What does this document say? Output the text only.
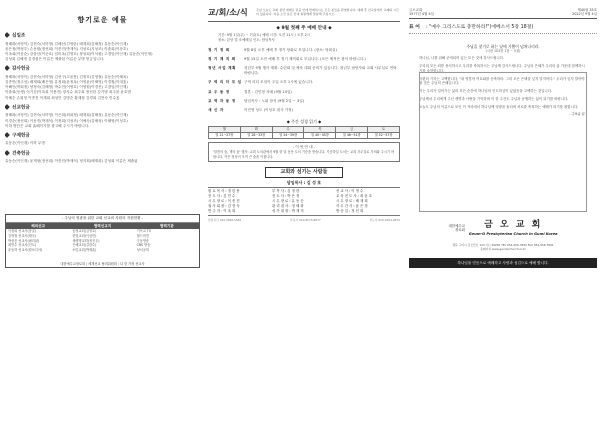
향기로운 예물
십일조
정혜화(서영이) 김현숙(서미영) 김혜선(김영란) 배재희(김혜정) 유동순(이인재)
윤은정(박정우) 손동원(정선희) 이종진(박재석) 지성로(지성조) 이춘희(이상호)
이옥희(이동순) 강을산(이준호) 임미옥(김영호) 장성희(이석원) 고경임(이인재) 유동순(이인재)
김성희 김혜정 김경섭은 이름은 제출된 이름순 무명 헌금입니다.
감사헌금
정혜화(서영이) 김현숙(서미영) 김선구(고윤봉) 김정호(김영철) 유동순(이혜옥)
김종민(정주성) 배재희(배은영) 유정희(윤정옥) 이영윤(이혜영) 이경철(이대홍)
이해인(박희정) 양정숙(김혜영) 박수민(이영호) 이영원(이경진) 고경임(이인재)
이춘희(동생) 이기순(이옥희 이용진) 장지수 최주희 정선한 김기범 최주을 윤호범
이혜순 손희정 이종진 이계희 최성민 김명순 황재철 김경희 김현숙 민수홍
선교헌금
정혜화(서영이) 김현숙(서미영) 이은희(최희정) 배재희(김혜정) 유동순(이인재)
이경순(정선희) 이동진(박재석) 이정희(지성조) 이예숙(김혜성) 이혜영(이성호)
이하 명단은 교회 홈페이지를 참고해 주시기 바랍니다.
구제헌금
유동순(이인재) 이하 무명
건축헌금
유동순(이인재) 윤재형(정선희) 이종진(박재석) 정지희(배재희) 김성희 이름은 제출됨
- 주님의 영광을 위한 교회 선교비 지원의 지원현황 -
해외선교	협력선교지	협력기관
이정희 선교사(몽골)	송정교회(김영호)	기독교 TV
김영철 선교사(태국)	한빛교회(이성민)	월드비전
박성진 선교사(필리핀)	새생명교회(정진우)	극동방송
최민수 선교사(인도)	은혜교회(김한수)	CBS 방송
윤동하 선교사(캄보디아)	소망교회(박재훈)	성서공회
대한예수교장로회 / 세계선교 협력위원회 : 다 한 가정 선교사
교/회/소/식	주님 오늘도 교회 설립 예배로 믿음 안에 함께하시는 모든 분들을 환영합니다. 예배 후 친교실에서 교제의 시간이 있습니다. 처음 오신 분은 안내 위원에게 말씀해 주십시오.
◆ 9월 첫째 주 예배 안내 ◆
기간: 9월 1일(주) ~ 7일(토) 예배 시간: 오전 11시 / 오후 2시
장소: 본당 및 소예배실 인도: 담임목사
정 기 정 회	9월 8일 오후 예배 후 정기 당회로 모입니다. (장소: 당회실)
정 기 제 직 회	9월 15일 오전 예배 후 정기 제직회로 모입니다. (모든 제직은 참석 바랍니다.)
청년 사업 계획	청년부 9월 행사 계획: 수련회 및 체육 대회 준비가 있습니다. 청년부 담당자와 교회 사무실로 연락 바랍니다.
구 역 리 더 모 임 구역 리더 모임이 주일 오후 1시에 있습니다.
교 우 동 정	결혼 : 김민정 자매 (9월 14일)
교 역 자 동 정	담임목사 : 노회 참석 (9월 2일 ~ 3일)
새 신 자	이진영 성도 (이성호 집사 가정)
◆ 주간 성경 읽기 ◆
월	화	수	목	금	토
열 21~27장	열 28~33장	열 34~39장	열 40~45장	열 46~51장	열 52~57장
- 이 번 안 내 -
'말씀의 숲, 책의 숲' 행사: 교회 도서관에서 9월 한 달 동안 도서 기증을 받습니다. 기증하실 도서는 교회 사무실로 가져와 주시기 바랍니다. 작은 정성이 모여 큰 숲을 이룹니다.
교회와 섬기는 사람들
담임목사 : 김 성 호
원 로 목 사 : 정 한 용	부 목 사 : 김 정 한	선 교 사 : 이 영 수
전 도 사 : 김 민 수	전 도 사 : 박 은 정	교 육 전 도 사 : 최 윤 호
시 무 장 로 : 이 종 진	시 무 장 로 : 유 동 순	시 무 장 로 : 배 재 희
권 사 회 장 : 김 현 숙	관 리 집 사 : 정 혜 화	사 무 간 사 : 윤 은 정
반 주 자 : 이 옥 희	성 가 대 장 : 박 재 석	방 송 실 : 정 선 희
담임목사 010-3820-5681	부목사 010-9573-8877	전도사 010-2264-9870
금오교회
1977년 4월 4일
제40권 35호
2022년 9월 4일
표 어 : "예수 그리스도로 충만하라!"(에베소서 5장 18절)
주님을 찾기로 하는 날에 기쁨이 넘쳐나리라.
(시편 103장 1절 ~ 5절)
하나님, 나를 위해 준비되어 있는 모든 것에 감사드립니다.
우리의 모든 죄를 용서하시고 우리를 축복하시는 주님께 감사드립니다. 주님의 은혜가 우리의 삶 가운데 함께하시기를 소망합니다.
시편의 기자는 고백합니다. "내 영혼아 여호와를 송축하라. 그의 모든 은택을 잊지 말지어다." 우리가 잊지 말아야 할 것은 주님의 은혜입니다.
이는 우리가 걸어가는 삶의 모든 순간에 하나님의 인도하심이 있었음을 고백하는 것입니다.
주님께서 우리에게 주신 생명과 사랑을 기억하며 이 한 주간도 주님과 동행하는 삶이 되기를 바랍니다.
오늘도 주님의 이름으로 모인 이 자리에서 하나님께 영광을 돌리며 서로를 축복하는 예배가 되기를 원합니다.
- 주보글 끝 -
대한예수교
장로회
금 오 교 회
Geum-O Presbyterian Church in Gumi Korea
경북 구미시 금오산로 123 (우) 39260 TEL 054-456-7890 FAX 054-456-7891
홈페이지 www.geumochurch.or.kr
하나님을 믿음으로 예배하고 사랑과 섬김으로 예배 합니다.
